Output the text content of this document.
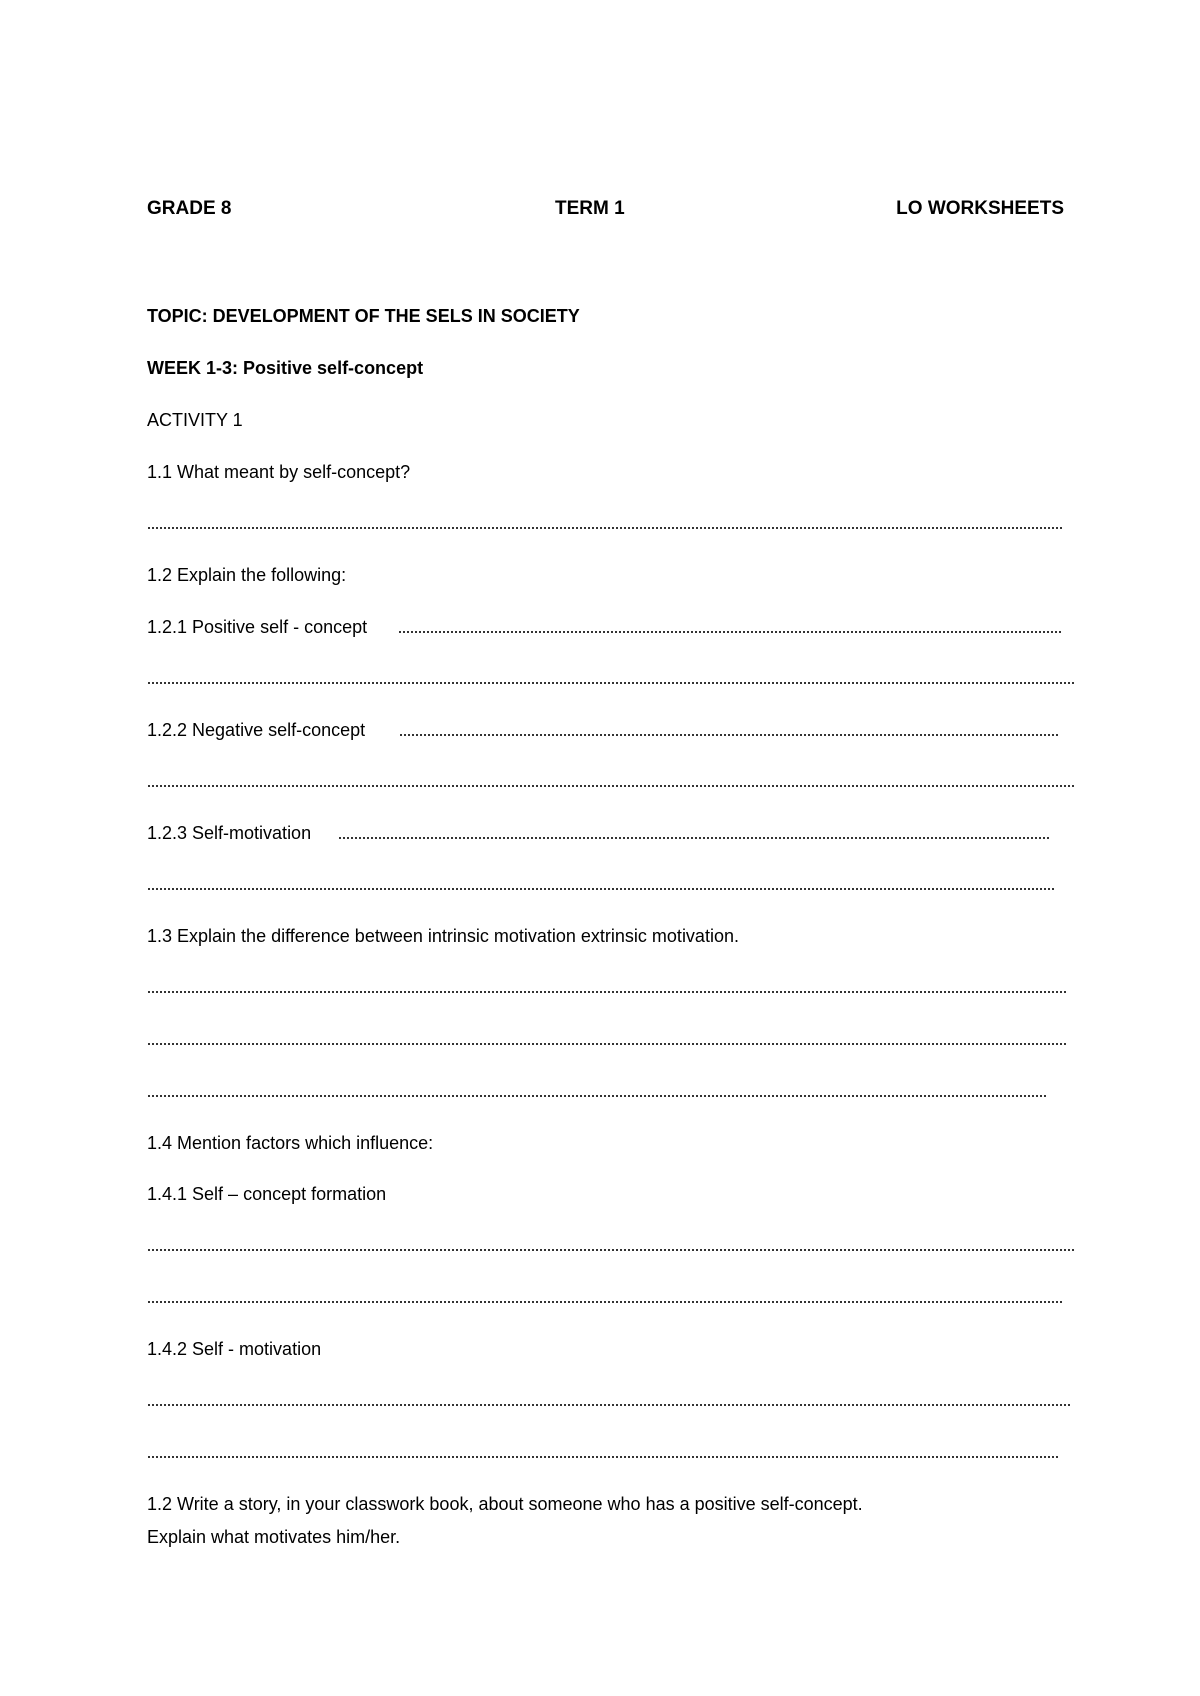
GRADE 8	TERM 1	LO WORKSHEETS
TOPIC: DEVELOPMENT OF THE SELS IN SOCIETY
WEEK 1-3: Positive self-concept
ACTIVITY 1
1.1 What meant by self-concept?
1.2 Explain the following:
1.2.1 Positive self - concept
1.2.2 Negative self-concept
1.2.3 Self-motivation
1.3 Explain the difference between intrinsic motivation extrinsic motivation.
1.4 Mention factors which influence:
1.4.1 Self – concept formation
1.4.2 Self - motivation
1.2 Write a story, in your classwork book, about someone who has a positive self-concept.
Explain what motivates him/her.
